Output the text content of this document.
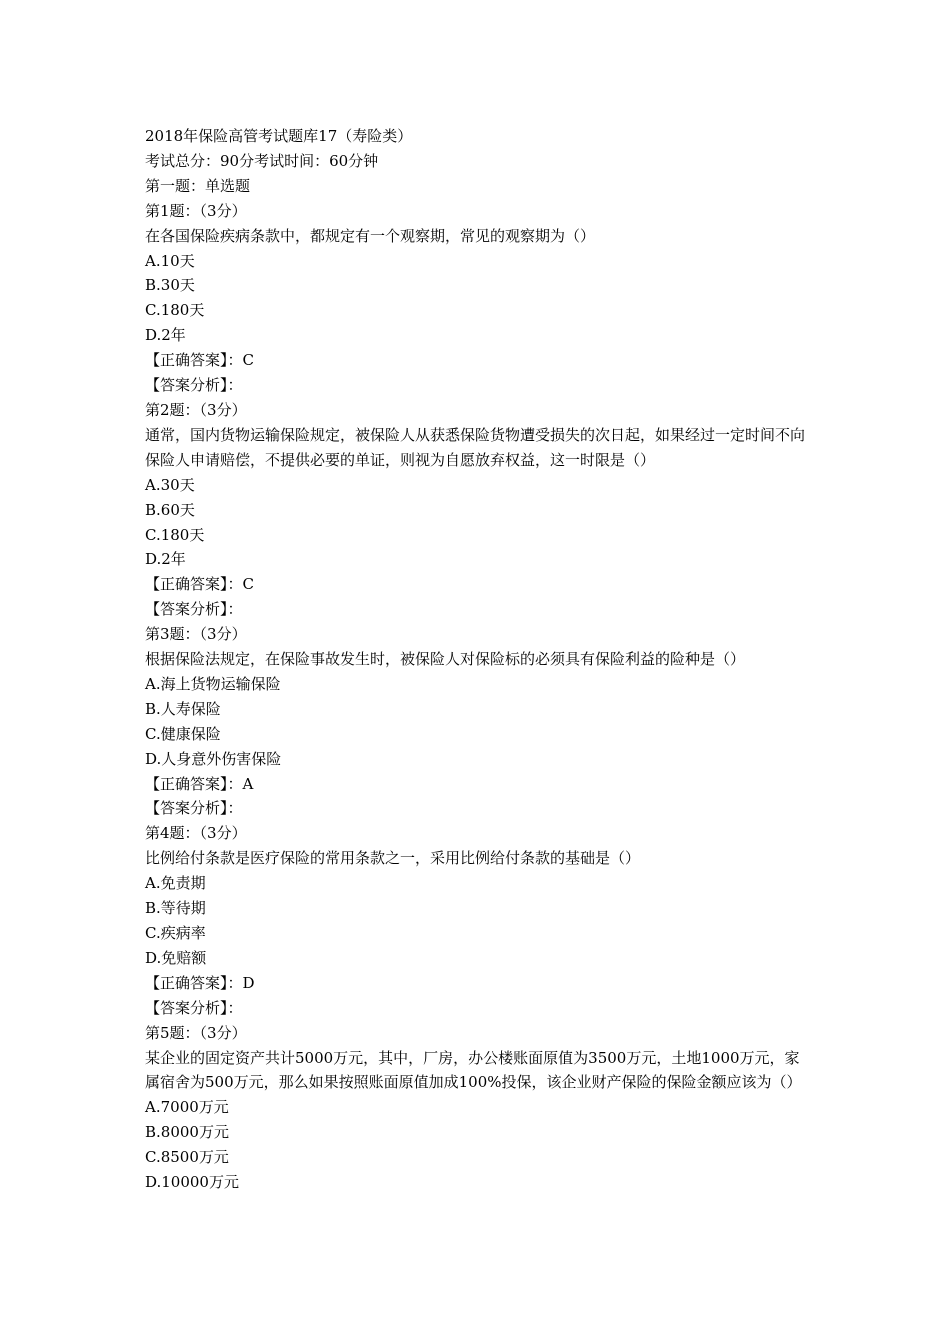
2018年保险高管考试题库17（寿险类）
考试总分：90分考试时间：60分钟
第一题：单选题
第1题：（3分）
在各国保险疾病条款中，都规定有一个观察期，常见的观察期为（）
A.10天
B.30天
C.180天
D.2年
【正确答案】：C
【答案分析】：
第2题：（3分）
通常，国内货物运输保险规定，被保险人从获悉保险货物遭受损失的次日起，如果经过一定时间不向保险人申请赔偿，不提供必要的单证，则视为自愿放弃权益，这一时限是（）
A.30天
B.60天
C.180天
D.2年
【正确答案】：C
【答案分析】：
第3题：（3分）
根据保险法规定，在保险事故发生时，被保险人对保险标的必须具有保险利益的险种是（）
A.海上货物运输保险
B.人寿保险
C.健康保险
D.人身意外伤害保险
【正确答案】：A
【答案分析】：
第4题：（3分）
比例给付条款是医疗保险的常用条款之一，采用比例给付条款的基础是（）
A.免责期
B.等待期
C.疾病率
D.免赔额
【正确答案】：D
【答案分析】：
第5题：（3分）
某企业的固定资产共计5000万元，其中，厂房，办公楼账面原值为3500万元，土地1000万元，家属宿舍为500万元，那么如果按照账面原值加成100%投保，该企业财产保险的保险金额应该为（）
A.7000万元
B.8000万元
C.8500万元
D.10000万元
